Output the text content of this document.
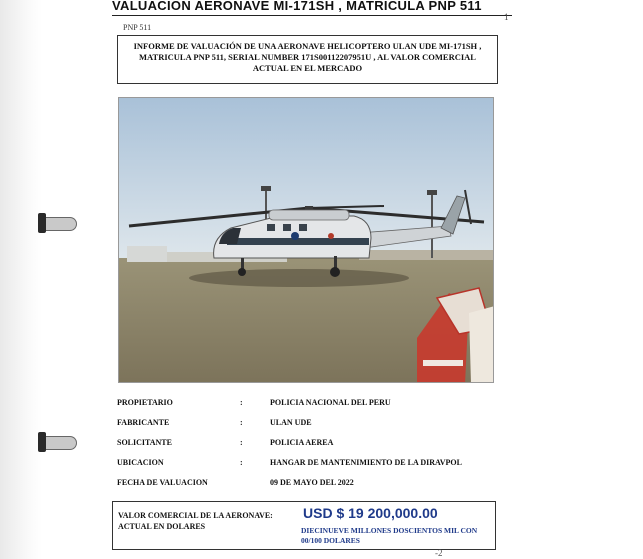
VALUACION AERONAVE MI-171SH , MATRICULA PNP 511
1
PNP 511
INFORME DE VALUACIÓN DE UNA AERONAVE HELICOPTERO ULAN UDE MI-171SH , MATRICULA PNP 511, SERIAL NUMBER 171S00112207951U , AL VALOR COMERCIAL ACTUAL EN EL MERCADO
PROPIETARIO	:	POLICIA NACIONAL DEL PERU
FABRICANTE	:	ULAN UDE
SOLICITANTE	:	POLICIA AEREA
UBICACION	:	HANGAR DE MANTENIMIENTO DE LA DIRAVPOL
FECHA DE VALUACION	09 DE MAYO DEL 2022
VALOR COMERCIAL DE LA AERONAVE: ACTUAL EN DOLARES
USD $ 19 200,000.00
DIECINUEVE MILLONES DOSCIENTOS MIL CON 00/100 DOLARES
-2
